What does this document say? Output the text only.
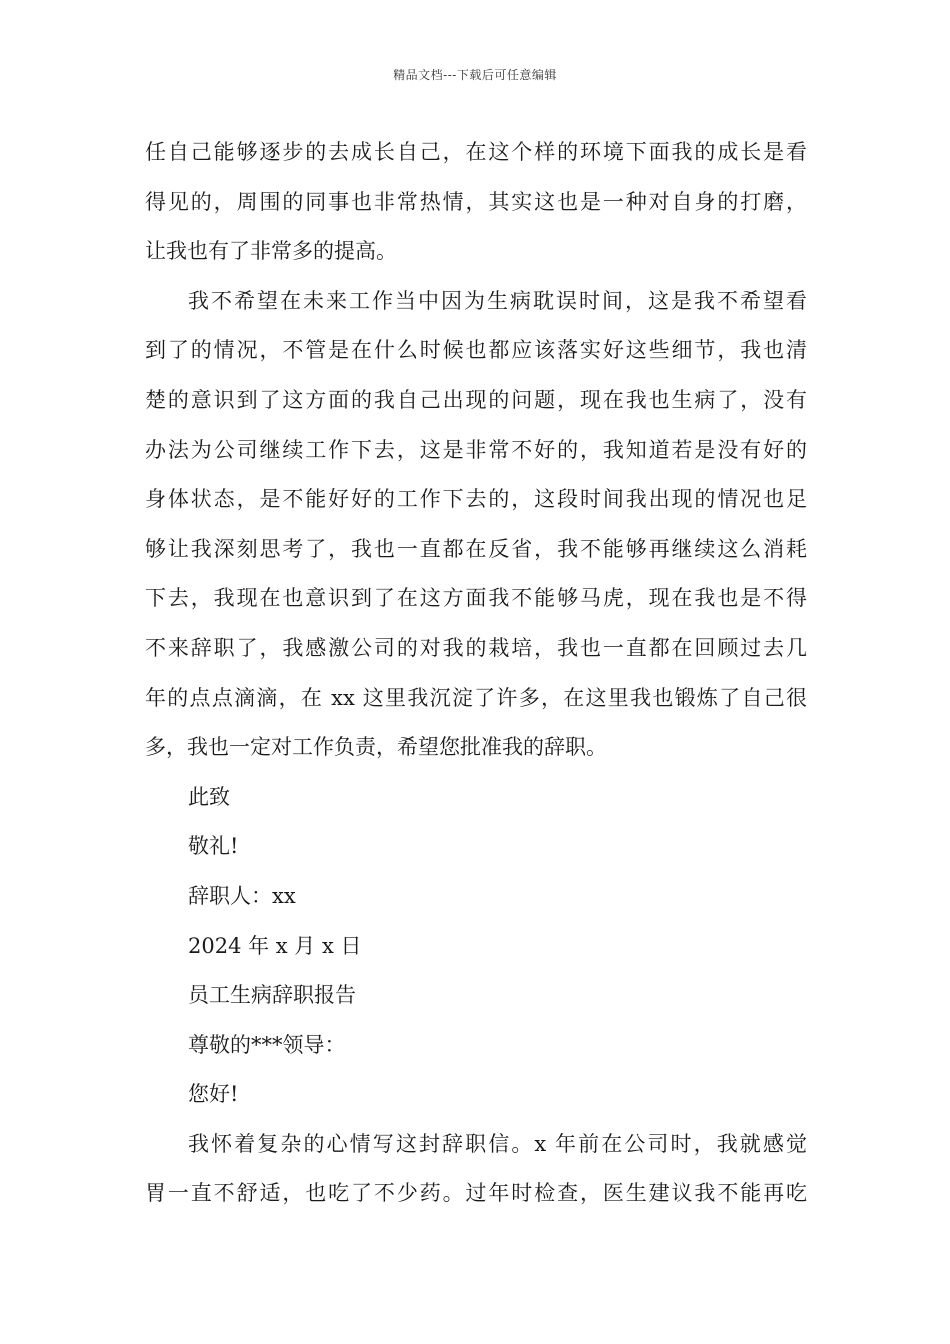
精品文档---下载后可任意编辑
任自己能够逐步的去成长自己，在这个样的环境下面我的成长是看
得见的，周围的同事也非常热情，其实这也是一种对自身的打磨，
让我也有了非常多的提高。
我不希望在未来工作当中因为生病耽误时间，这是我不希望看
到了的情况，不管是在什么时候也都应该落实好这些细节，我也清
楚的意识到了这方面的我自己出现的问题，现在我也生病了，没有
办法为公司继续工作下去，这是非常不好的，我知道若是没有好的
身体状态，是不能好好的工作下去的，这段时间我出现的情况也足
够让我深刻思考了，我也一直都在反省，我不能够再继续这么消耗
下去，我现在也意识到了在这方面我不能够马虎，现在我也是不得
不来辞职了，我感激公司的对我的栽培，我也一直都在回顾过去几
年的点点滴滴，在 xx 这里我沉淀了许多，在这里我也锻炼了自己很
多，我也一定对工作负责，希望您批准我的辞职。
此致
敬礼!
辞职人：xx
2024 年 x 月 x 日
员工生病辞职报告
尊敬的***领导：
您好!
我怀着复杂的心情写这封辞职信。x 年前在公司时，我就感觉
胃一直不舒适，也吃了不少药。过年时检查，医生建议我不能再吃
